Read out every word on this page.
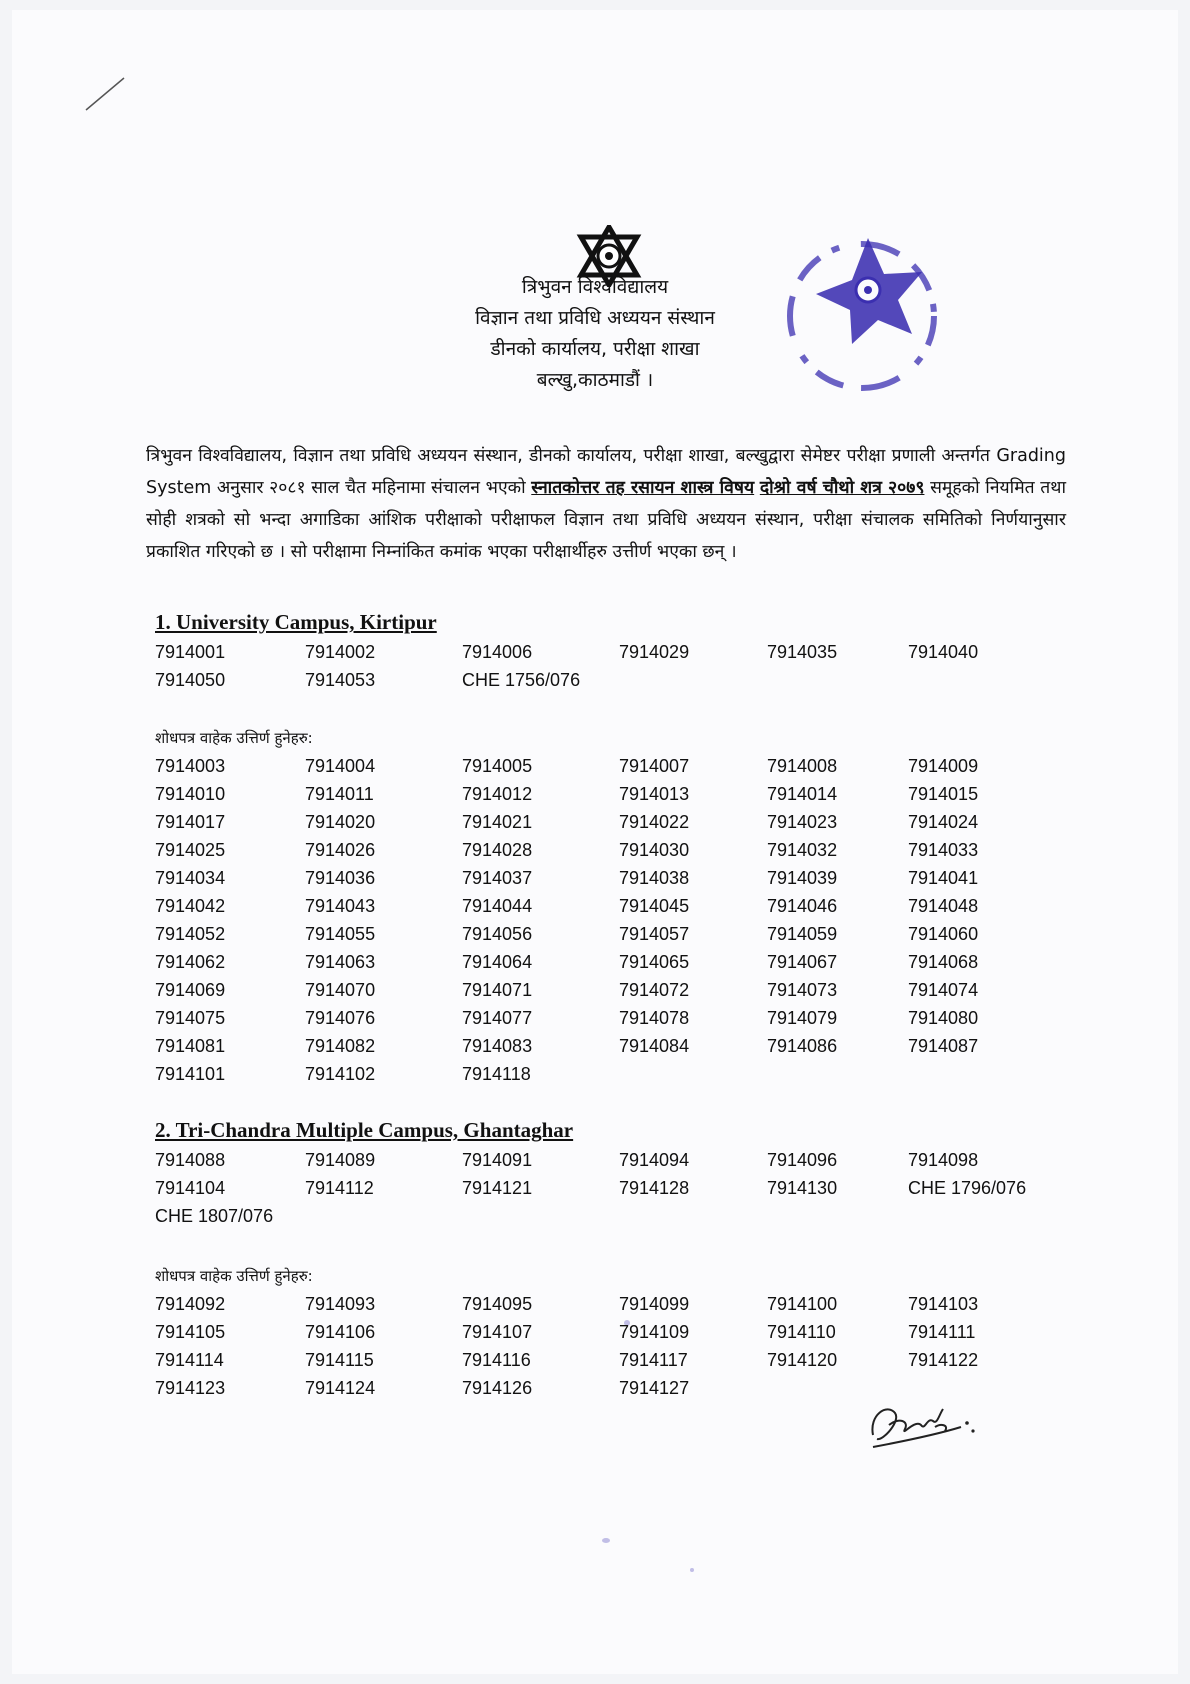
त्रिभुवन विश्वविद्यालय
विज्ञान तथा प्रविधि अध्ययन संस्थान
डीनको कार्यालय, परीक्षा शाखा
बल्खु,काठमाडौं ।
त्रिभुवन विश्वविद्यालय, विज्ञान तथा प्रविधि अध्ययन संस्थान, डीनको कार्यालय, परीक्षा शाखा, बल्खुद्वारा सेमेष्टर परीक्षा प्रणाली अन्तर्गत Grading System अनुसार २०८१ साल चैत महिनामा संचालन भएको स्नातकोत्तर तह रसायन शास्त्र विषय दोश्रो वर्ष चौथो शत्र २०७९ समूहको नियमित तथा सोही शत्रको सो भन्दा अगाडिका आंशिक परीक्षाको परीक्षाफल विज्ञान तथा प्रविधि अध्ययन संस्थान, परीक्षा संचालक समितिको निर्णयानुसार प्रकाशित गरिएको छ । सो परीक्षामा निम्नांकित कमांक भएका परीक्षार्थीहरु उत्तीर्ण भएका छन् ।
1. University Campus, Kirtipur
7914001	7914002	7914006	7914029	7914035	7914040
7914050	7914053	CHE 1756/076
शोधपत्र वाहेक उत्तिर्ण हुनेहरु:
7914003	7914004	7914005	7914007	7914008	7914009
7914010	7914011	7914012	7914013	7914014	7914015
7914017	7914020	7914021	7914022	7914023	7914024
7914025	7914026	7914028	7914030	7914032	7914033
7914034	7914036	7914037	7914038	7914039	7914041
7914042	7914043	7914044	7914045	7914046	7914048
7914052	7914055	7914056	7914057	7914059	7914060
7914062	7914063	7914064	7914065	7914067	7914068
7914069	7914070	7914071	7914072	7914073	7914074
7914075	7914076	7914077	7914078	7914079	7914080
7914081	7914082	7914083	7914084	7914086	7914087
7914101	7914102	7914118
2. Tri-Chandra Multiple Campus, Ghantaghar
7914088	7914089	7914091	7914094	7914096	7914098
7914104	7914112	7914121	7914128	7914130	CHE 1796/076
CHE 1807/076
शोधपत्र वाहेक उत्तिर्ण हुनेहरु:
7914092	7914093	7914095	7914099	7914100	7914103
7914105	7914106	7914107	7914109	7914110	7914111
7914114	7914115	7914116	7914117	7914120	7914122
7914123	7914124	7914126	7914127
